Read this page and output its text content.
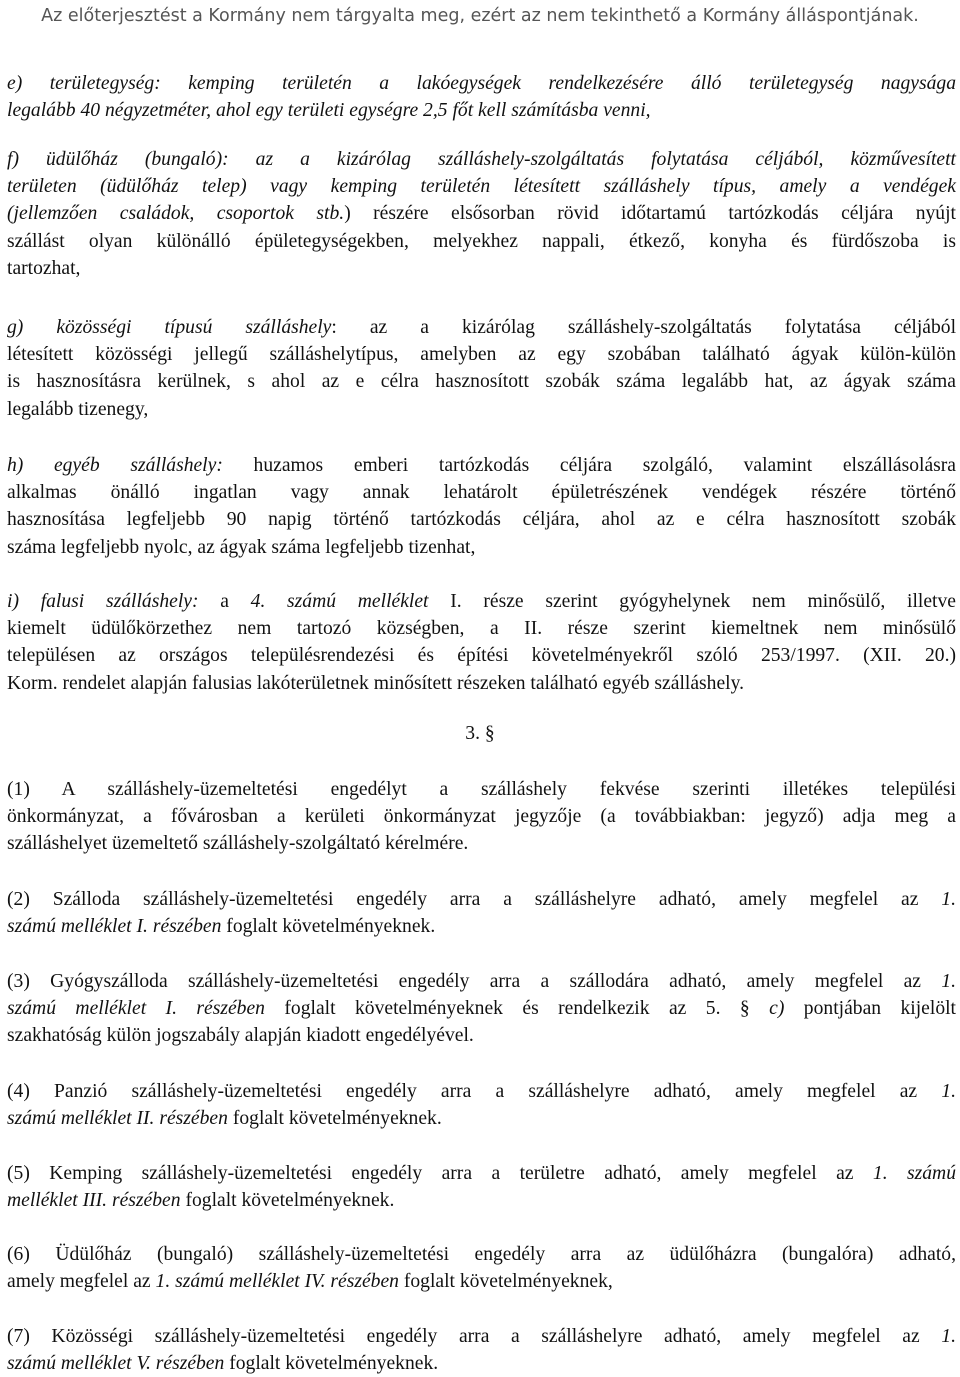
Az előterjesztést a Kormány nem tárgyalta meg, ezért az nem tekinthető a Kormány álláspontjának.
e) területegység: kemping területén a lakóegységek rendelkezésére álló területegység nagysága
legalább 40 négyzetméter, ahol egy területi egységre 2,5 főt kell számításba venni,
f) üdülőház (bungaló): az a kizárólag szálláshely-szolgáltatás folytatása céljából, közművesített
területen (üdülőház telep) vagy kemping területén létesített szálláshely típus, amely a vendégek
(jellemzően családok, csoportok stb.) részére elsősorban rövid időtartamú tartózkodás céljára nyújt
szállást olyan különálló épületegységekben, melyekhez nappali, étkező, konyha és fürdőszoba is
tartozhat,
g) közösségi típusú szálláshely: az a kizárólag szálláshely-szolgáltatás folytatása céljából
létesített közösségi jellegű szálláshelytípus, amelyben az egy szobában található ágyak külön-külön
is hasznosításra kerülnek, s ahol az e célra hasznosított szobák száma legalább hat, az ágyak száma
legalább tizenegy,
h) egyéb szálláshely: huzamos emberi tartózkodás céljára szolgáló, valamint elszállásolásra
alkalmas önálló ingatlan vagy annak lehatárolt épületrészének vendégek részére történő
hasznosítása legfeljebb 90 napig történő tartózkodás céljára, ahol az e célra hasznosított szobák
száma legfeljebb nyolc, az ágyak száma legfeljebb tizenhat,
i) falusi szálláshely: a 4. számú melléklet I. része szerint gyógyhelynek nem minősülő, illetve
kiemelt üdülőkörzethez nem tartozó községben, a II. része szerint kiemeltnek nem minősülő
településen az országos településrendezési és építési követelményekről szóló 253/1997. (XII. 20.)
Korm. rendelet alapján falusias lakóterületnek minősített részeken található egyéb szálláshely.
(1) A szálláshely-üzemeltetési engedélyt a szálláshely fekvése szerinti illetékes települési
önkormányzat, a fővárosban a kerületi önkormányzat jegyzője (a továbbiakban: jegyző) adja meg a
szálláshelyet üzemeltető szálláshely-szolgáltató kérelmére.
(2) Szálloda szálláshely-üzemeltetési engedély arra a szálláshelyre adható, amely megfelel az 1.
számú melléklet I. részében foglalt követelményeknek.
(3) Gyógyszálloda szálláshely-üzemeltetési engedély arra a szállodára adható, amely megfelel az 1.
számú melléklet I. részében foglalt követelményeknek és rendelkezik az 5. § c) pontjában kijelölt
szakhatóság külön jogszabály alapján kiadott engedélyével.
(4) Panzió szálláshely-üzemeltetési engedély arra a szálláshelyre adható, amely megfelel az 1.
számú melléklet II. részében foglalt követelményeknek.
(5) Kemping szálláshely-üzemeltetési engedély arra a területre adható, amely megfelel az 1. számú
melléklet III. részében foglalt követelményeknek.
(6) Üdülőház (bungaló) szálláshely-üzemeltetési engedély arra az üdülőházra (bungalóra) adható,
amely megfelel az 1. számú melléklet IV. részében foglalt követelményeknek,
(7) Közösségi szálláshely-üzemeltetési engedély arra a szálláshelyre adható, amely megfelel az 1.
számú melléklet V. részében foglalt követelményeknek.
3. §
